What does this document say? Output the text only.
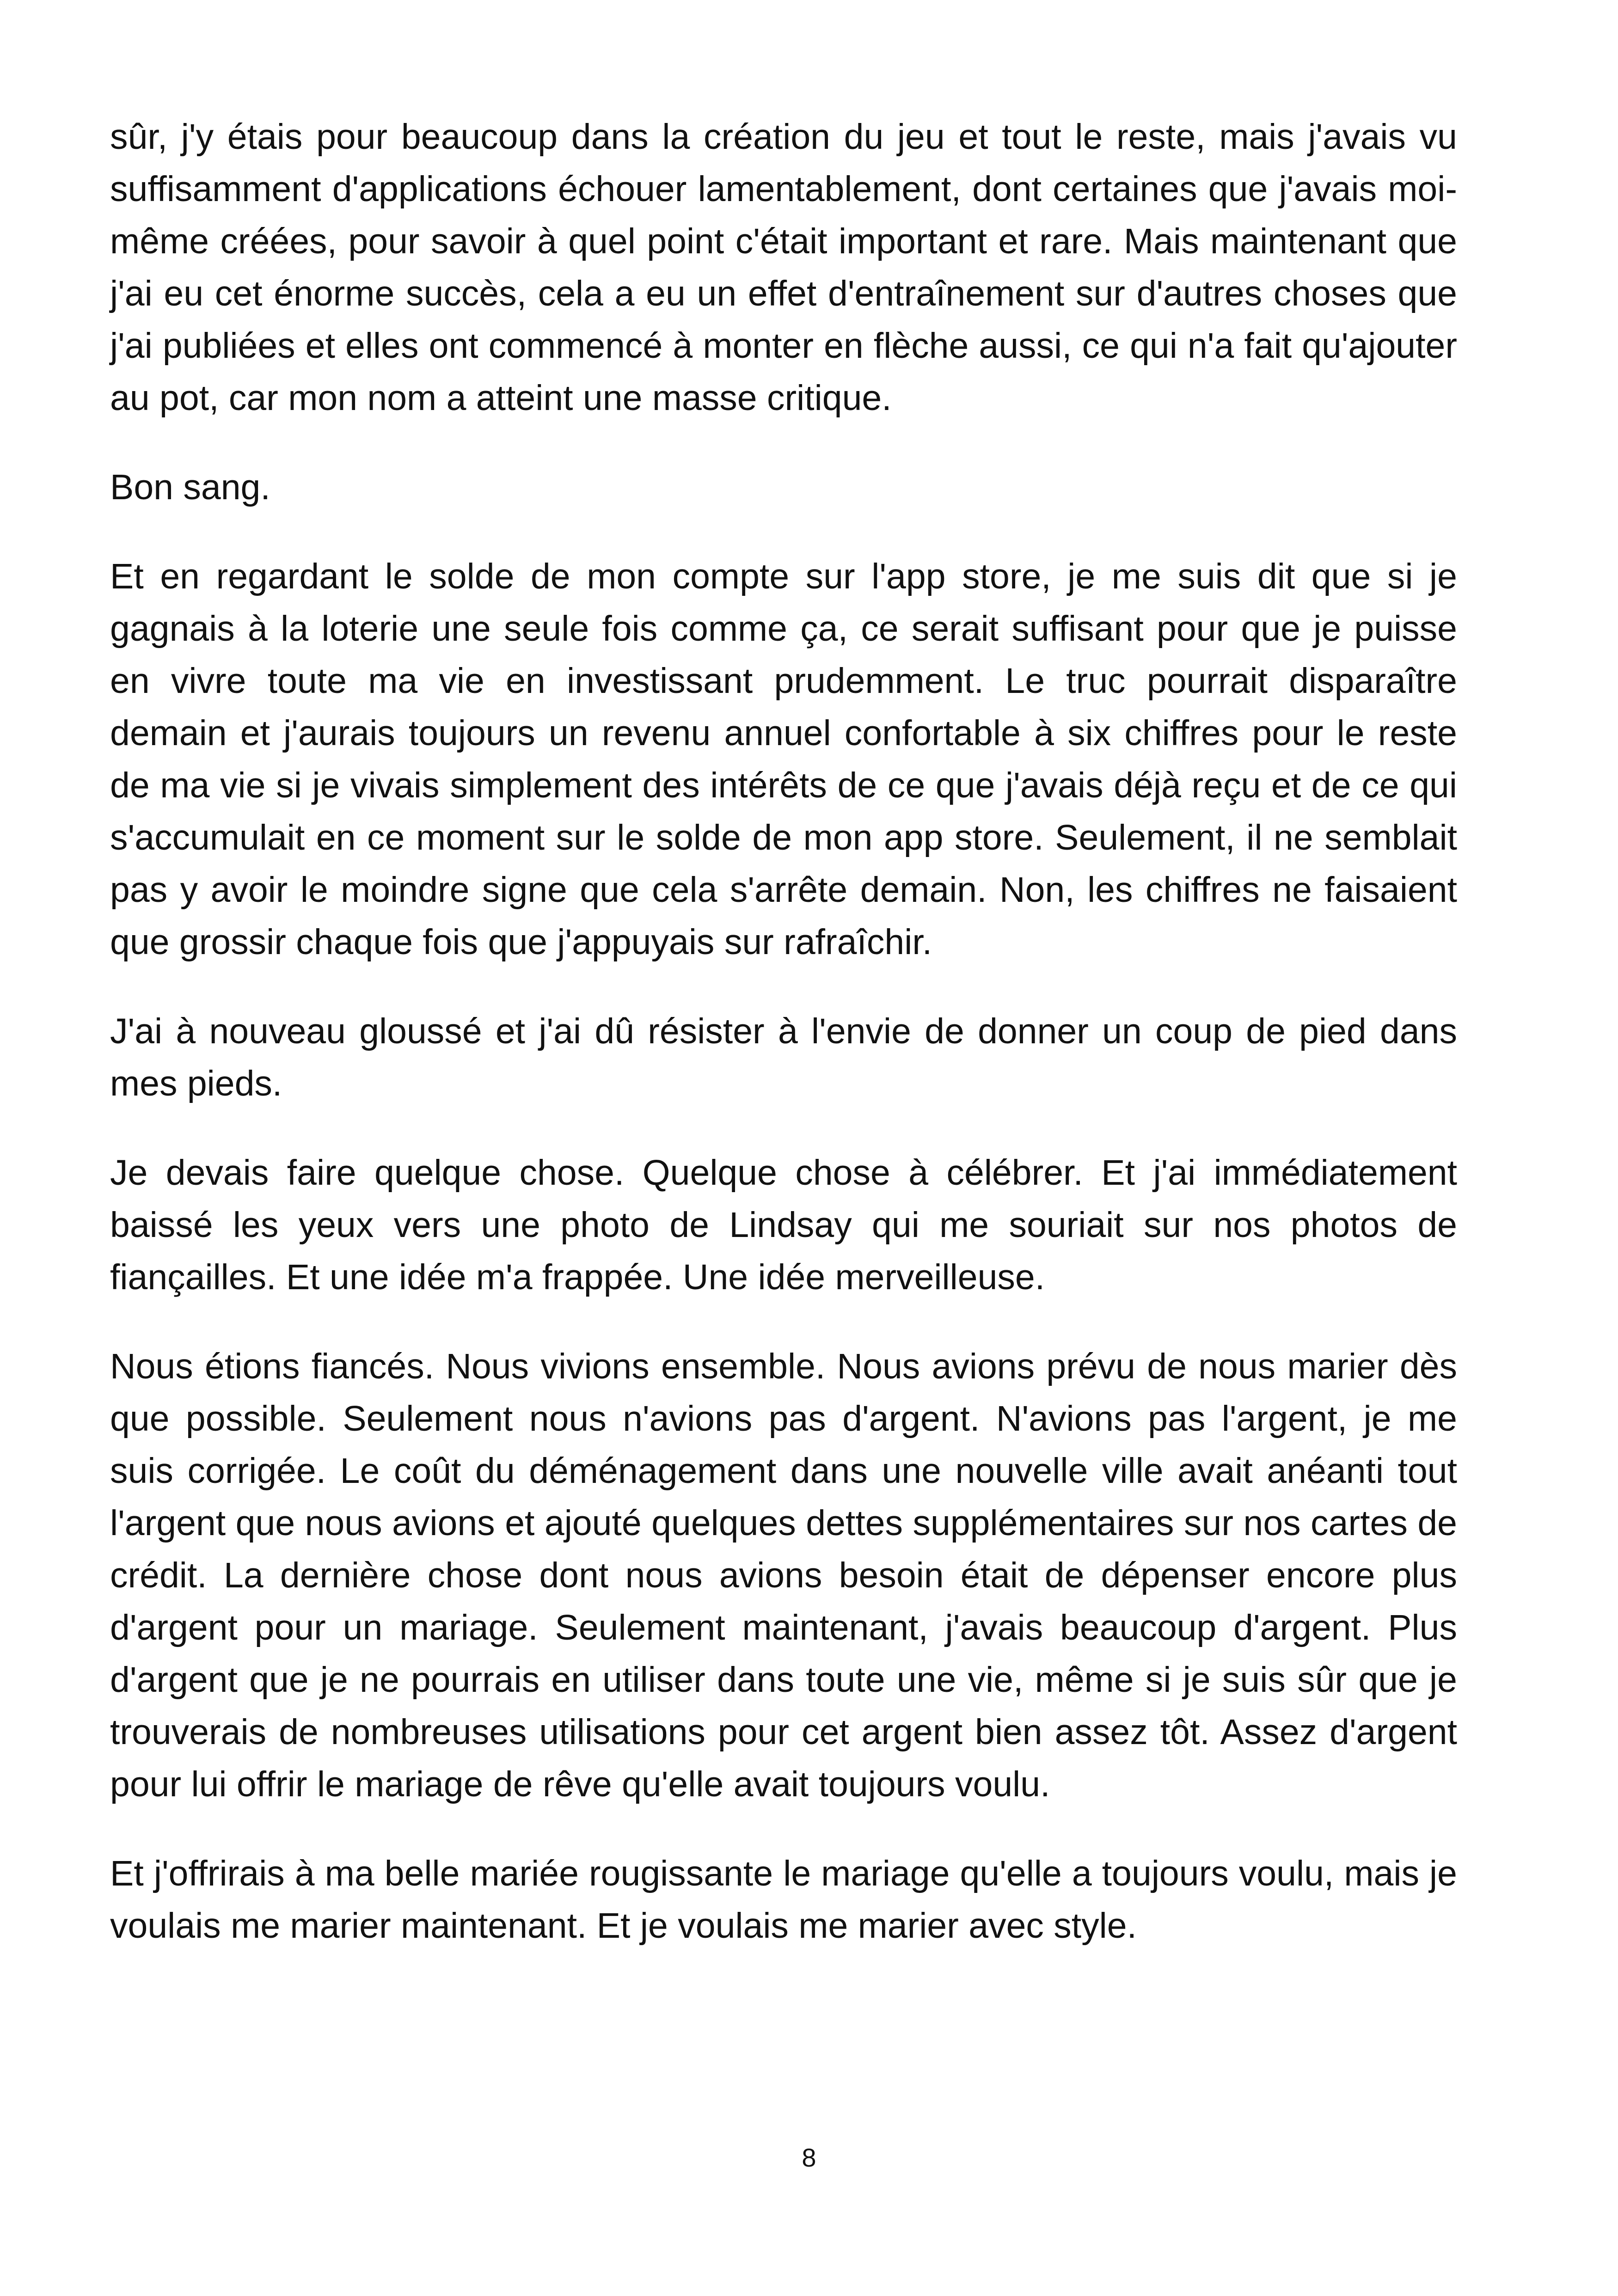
sûr, j'y étais pour beaucoup dans la création du jeu et tout le reste, mais j'avais vu suffisamment d'applications échouer lamentablement, dont certaines que j'avais moi-même créées, pour savoir à quel point c'était important et rare. Mais maintenant que j'ai eu cet énorme succès, cela a eu un effet d'entraînement sur d'autres choses que j'ai publiées et elles ont commencé à monter en flèche aussi, ce qui n'a fait qu'ajouter au pot, car mon nom a atteint une masse critique.

Bon sang.

Et en regardant le solde de mon compte sur l'app store, je me suis dit que si je gagnais à la loterie une seule fois comme ça, ce serait suffisant pour que je puisse en vivre toute ma vie en investissant prudemment. Le truc pourrait disparaître demain et j'aurais toujours un revenu annuel confortable à six chiffres pour le reste de ma vie si je vivais simplement des intérêts de ce que j'avais déjà reçu et de ce qui s'accumulait en ce moment sur le solde de mon app store. Seulement, il ne semblait pas y avoir le moindre signe que cela s'arrête demain. Non, les chiffres ne faisaient que grossir chaque fois que j'appuyais sur rafraîchir.

J'ai à nouveau gloussé et j'ai dû résister à l'envie de donner un coup de pied dans mes pieds.

Je devais faire quelque chose. Quelque chose à célébrer. Et j'ai immédiatement baissé les yeux vers une photo de Lindsay qui me souriait sur nos photos de fiançailles. Et une idée m'a frappée. Une idée merveilleuse.

Nous étions fiancés. Nous vivions ensemble. Nous avions prévu de nous marier dès que possible. Seulement nous n'avions pas d'argent. N'avions pas l'argent, je me suis corrigée. Le coût du déménagement dans une nouvelle ville avait anéanti tout l'argent que nous avions et ajouté quelques dettes supplémentaires sur nos cartes de crédit. La dernière chose dont nous avions besoin était de dépenser encore plus d'argent pour un mariage. Seulement maintenant, j'avais beaucoup d'argent. Plus d'argent que je ne pourrais en utiliser dans toute une vie, même si je suis sûr que je trouverais de nombreuses utilisations pour cet argent bien assez tôt. Assez d'argent pour lui offrir le mariage de rêve qu'elle avait toujours voulu.

Et j'offrirais à ma belle mariée rougissante le mariage qu'elle a toujours voulu, mais je voulais me marier maintenant. Et je voulais me marier avec style.

8
